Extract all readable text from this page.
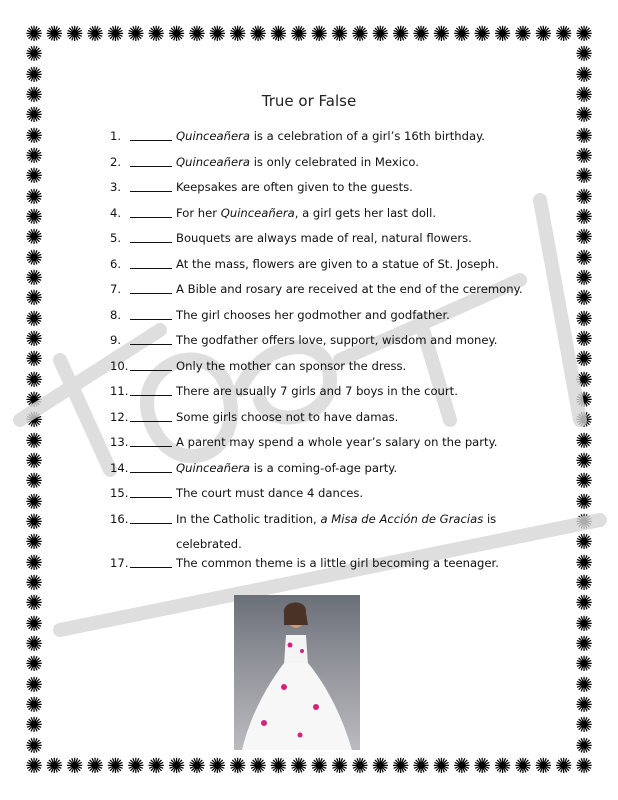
✺
✺
✺
✺
✺
✺
✺
✺
✺
✺
✺
✺
✺
✺
✺
✺
✺
✺
✺
✺
✺
✺
✺
✺
✺
✺
✺
✺
✺
✺
✺
✺
✺
✺
✺
✺
✺
✺
✺
✺
✺
✺
✺
✺
✺
✺
✺
✺
✺
✺
✺
✺
✺
✺
✺
✺
✺	✺
✺	✺
✺	✺
✺	✺
✺	✺
✺	✺
✺	✺
✺	✺
✺	✺
✺	✺
✺	✺
✺	✺
✺	✺
✺	✺
✺	✺
✺	✺
✺	✺
✺	✺
✺	✺
✺	✺
✺	✺
✺	✺
✺	✺
✺	✺
✺	✺
✺	✺
✺	✺
✺	✺
✺	✺
✺	✺
✺	✺
✺	✺
✺	✺
✺	✺
✺	✺
True or False
1.	Quinceañera is a celebration of a girl’s 16th birthday.
2.	Quinceañera is only celebrated in Mexico.
3.	Keepsakes are often given to the guests.
4.	For her Quinceañera, a girl gets her last doll.
5.	Bouquets are always made of real, natural flowers.
6.	At the mass, flowers are given to a statue of St. Joseph.
7.	A Bible and rosary are received at the end of the ceremony.
8.	The girl chooses her godmother and godfather.
9.	The godfather offers love, support, wisdom and money.
10.	Only the mother can sponsor the dress.
11.	There are usually 7 girls and 7 boys in the court.
12.	Some girls choose not to have damas.
13.	A parent may spend a whole year’s salary on the party.
14.	Quinceañera is a coming-of-age party.
15.	The court must dance 4 dances.
16.	In the Catholic tradition, a Misa de Acción de Gracias is
celebrated.
17.	The common theme is a little girl becoming a teenager.
